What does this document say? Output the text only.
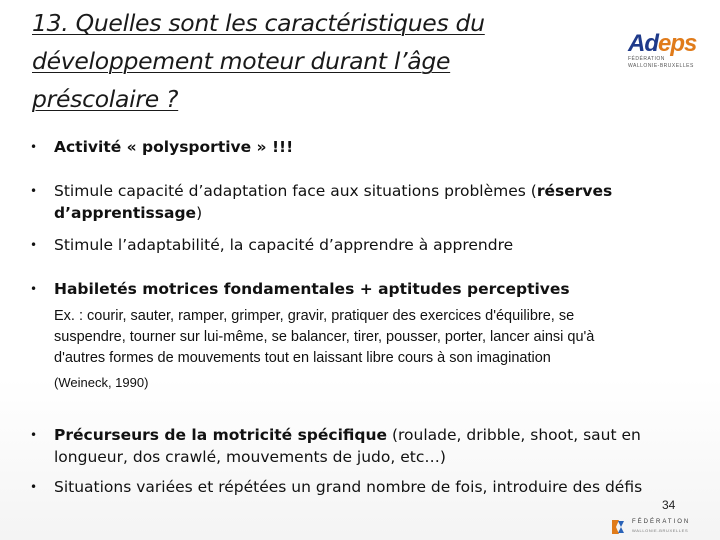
13. Quelles sont les caractéristiques du
développement moteur durant l’âge
préscolaire ?
Adeps
FÉDÉRATION
WALLONIE-BRUXELLES
• Activité « polysportive » !!!
• Stimule capacité d’adaptation face aux situations problèmes (réserves
d’apprentissage)
• Stimule l’adaptabilité, la capacité d’apprendre à apprendre
• Habiletés motrices fondamentales + aptitudes perceptives
Ex. : courir, sauter, ramper, grimper, gravir, pratiquer des exercices d'équilibre, se
suspendre, tourner sur lui-même, se balancer, tirer, pousser, porter, lancer ainsi qu'à
d'autres formes de mouvements tout en laissant libre cours à son imagination
(Weineck, 1990)
• Précurseurs de la motricité spécifique (roulade, dribble, shoot, saut en
longueur, dos crawlé, mouvements de judo, etc…)
• Situations variées et répétées un grand nombre de fois, introduire des défis
34
FÉDÉRATION
WALLONIE-BRUXELLES
